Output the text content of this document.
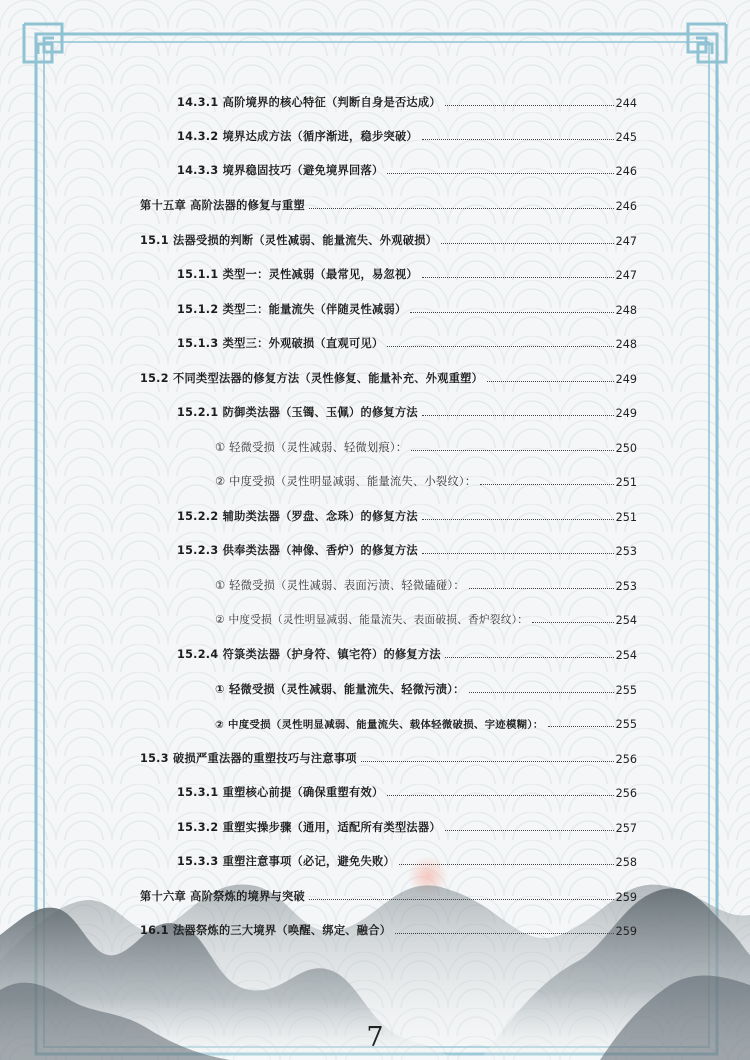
14.3.1 高阶境界的核心特征（判断自身是否达成）	244
14.3.2 境界达成方法（循序渐进，稳步突破）	245
14.3.3 境界稳固技巧（避免境界回落）	246
第十五章 高阶法器的修复与重塑	246
15.1 法器受损的判断（灵性减弱、能量流失、外观破损）	247
15.1.1 类型一：灵性减弱（最常见，易忽视）	247
15.1.2 类型二：能量流失（伴随灵性减弱）	248
15.1.3 类型三：外观破损（直观可见）	248
15.2 不同类型法器的修复方法（灵性修复、能量补充、外观重塑）	249
15.2.1 防御类法器（玉镯、玉佩）的修复方法	249
① 轻微受损（灵性减弱、轻微划痕）：	250
② 中度受损（灵性明显减弱、能量流失、小裂纹）：	251
15.2.2 辅助类法器（罗盘、念珠）的修复方法	251
15.2.3 供奉类法器（神像、香炉）的修复方法	253
① 轻微受损（灵性减弱、表面污渍、轻微磕碰）：	253
② 中度受损（灵性明显减弱、能量流失、表面破损、香炉裂纹）：	254
15.2.4 符箓类法器（护身符、镇宅符）的修复方法	254
① 轻微受损（灵性减弱、能量流失、轻微污渍）：	255
② 中度受损（灵性明显减弱、能量流失、载体轻微破损、字迹模糊）：	255
15.3 破损严重法器的重塑技巧与注意事项	256
15.3.1 重塑核心前提（确保重塑有效）	256
15.3.2 重塑实操步骤（通用，适配所有类型法器）	257
15.3.3 重塑注意事项（必记，避免失败）	258
第十六章 高阶祭炼的境界与突破	259
16.1 法器祭炼的三大境界（唤醒、绑定、融合）	259
7
